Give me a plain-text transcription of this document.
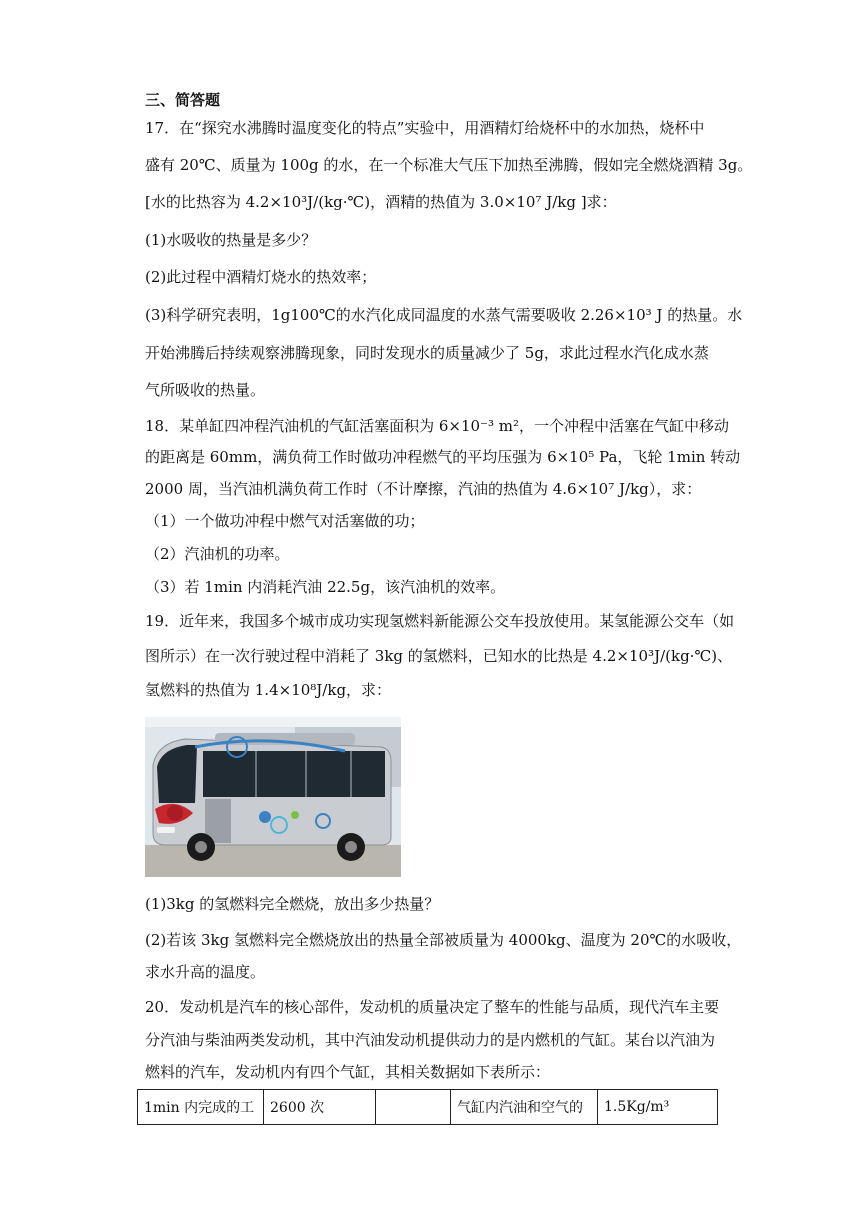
三、简答题
17．在“探究水沸腾时温度变化的特点”实验中，用酒精灯给烧杯中的水加热，烧杯中
盛有 20℃、质量为 100g 的水，在一个标准大气压下加热至沸腾，假如完全燃烧酒精 3g。
[水的比热容为 4.2×10³J/(kg·℃)，酒精的热值为 3.0×10⁷ J/kg ]求：
(1)水吸收的热量是多少？
(2)此过程中酒精灯烧水的热效率；
(3)科学研究表明，1g100℃的水汽化成同温度的水蒸气需要吸收 2.26×10³ J 的热量。水
开始沸腾后持续观察沸腾现象，同时发现水的质量减少了 5g，求此过程水汽化成水蒸
气所吸收的热量。
18．某单缸四冲程汽油机的气缸活塞面积为 6×10⁻³ m²，一个冲程中活塞在气缸中移动
的距离是 60mm，满负荷工作时做功冲程燃气的平均压强为 6×10⁵ Pa，飞轮 1min 转动
2000 周，当汽油机满负荷工作时（不计摩擦，汽油的热值为 4.6×10⁷ J/kg），求：
（1）一个做功冲程中燃气对活塞做的功；
（2）汽油机的功率。
（3）若 1min 内消耗汽油 22.5g，该汽油机的效率。
19．近年来，我国多个城市成功实现氢燃料新能源公交车投放使用。某氢能源公交车（如
图所示）在一次行驶过程中消耗了 3kg 的氢燃料，已知水的比热是 4.2×10³J/(kg·℃)、
氢燃料的热值为 1.4×10⁸J/kg，求：
(1)3kg 的氢燃料完全燃烧，放出多少热量？
(2)若该 3kg 氢燃料完全燃烧放出的热量全部被质量为 4000kg、温度为 20℃的水吸收，
求水升高的温度。
20．发动机是汽车的核心部件，发动机的质量决定了整车的性能与品质，现代汽车主要
分汽油与柴油两类发动机，其中汽油发动机提供动力的是内燃机的气缸。某台以汽油为
燃料的汽车，发动机内有四个气缸，其相关数据如下表所示：
1min 内完成的工	2600 次		气缸内汽油和空气的	1.5Kg/m³
